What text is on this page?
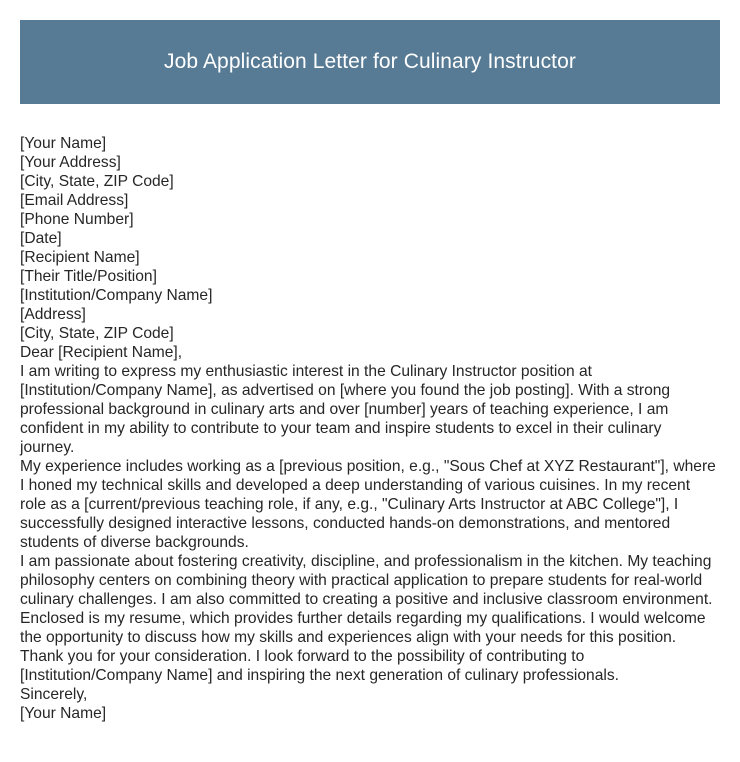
Job Application Letter for Culinary Instructor
[Your Name]
[Your Address]
[City, State, ZIP Code]
[Email Address]
[Phone Number]
[Date]
[Recipient Name]
[Their Title/Position]
[Institution/Company Name]
[Address]
[City, State, ZIP Code]
Dear [Recipient Name],

I am writing to express my enthusiastic interest in the Culinary Instructor position at [Institution/Company Name], as advertised on [where you found the job posting]. With a strong professional background in culinary arts and over [number] years of teaching experience, I am confident in my ability to contribute to your team and inspire students to excel in their culinary journey.

My experience includes working as a [previous position, e.g., "Sous Chef at XYZ Restaurant"], where I honed my technical skills and developed a deep understanding of various cuisines. In my recent role as a [current/previous teaching role, if any, e.g., "Culinary Arts Instructor at ABC College"], I successfully designed interactive lessons, conducted hands-on demonstrations, and mentored students of diverse backgrounds.

I am passionate about fostering creativity, discipline, and professionalism in the kitchen. My teaching philosophy centers on combining theory with practical application to prepare students for real-world culinary challenges. I am also committed to creating a positive and inclusive classroom environment.

Enclosed is my resume, which provides further details regarding my qualifications. I would welcome the opportunity to discuss how my skills and experiences align with your needs for this position. Thank you for your consideration. I look forward to the possibility of contributing to [Institution/Company Name] and inspiring the next generation of culinary professionals.

Sincerely,
[Your Name]
